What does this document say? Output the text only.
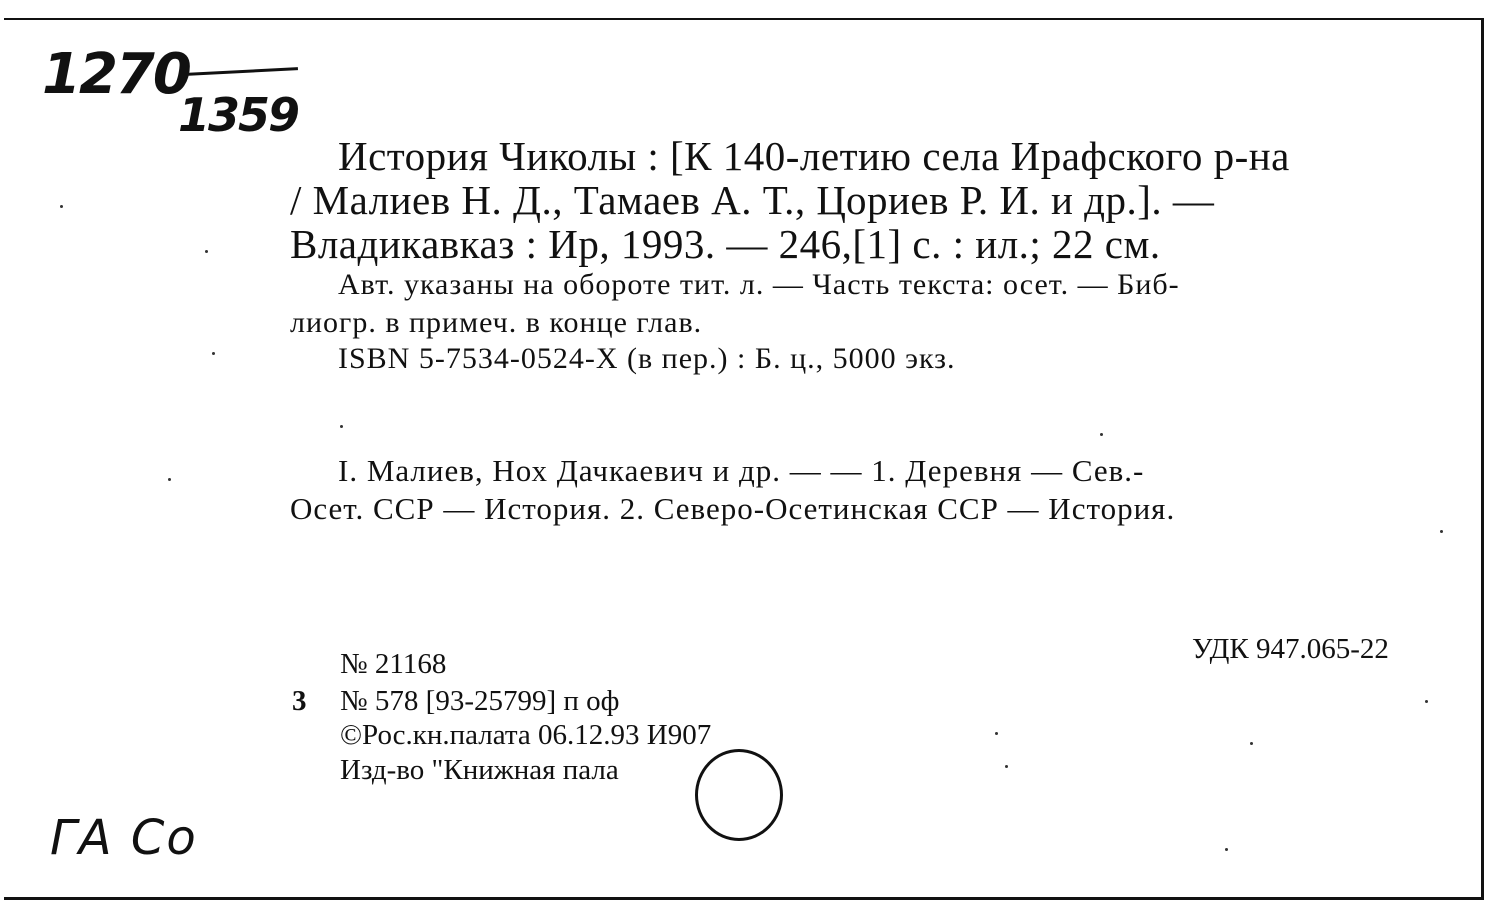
1270
1359
История Чиколы : [К 140-летию села Ирафского р-на
/ Малиев Н. Д., Тамаев А. Т., Цориев Р. И. и др.]. —
Владикавказ : Ир, 1993. — 246,[1] с. : ил.; 22 см.
Авт. указаны на обороте тит. л. — Часть текста: осет. — Биб-
лиогр. в примеч. в конце глав.
ISBN 5-7534-0524-X (в пер.) : Б. ц., 5000 экз.
I. Малиев, Нох Дачкаевич и др. — — 1. Деревня — Сев.-
Осет. ССР — История. 2. Северо-Осетинская ССР — История.
№ 21168
3 № 578 [93-25799] п оф
©Рос.кн.палата 06.12.93 И907
Изд-во "Книжная пала
УДК 947.065-22
ГА Со
